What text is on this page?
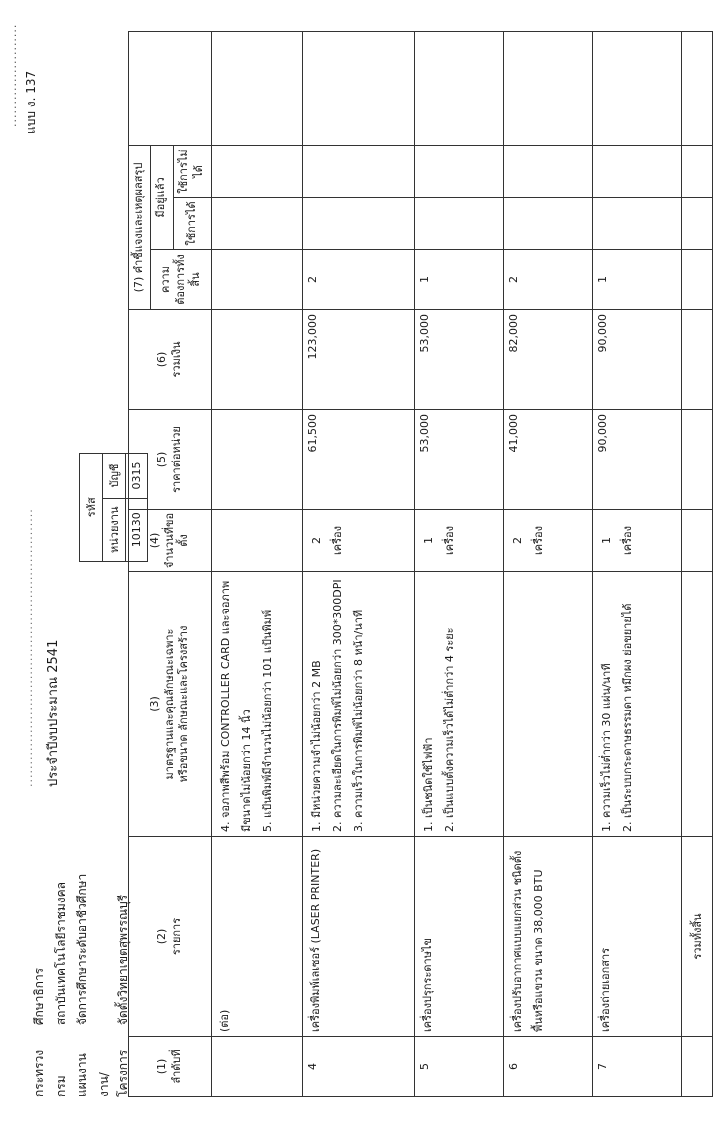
....................... แบบ ง. 137
.............................................................. ประจำปีงบประมาณ 2541
กระทรวง ศึกษาธิการ
กรม สถาบันเทคโนโลยีราชมงคล
แผนงาน จัดการศึกษาระดับอาชีวศึกษา
งาน/โครงการ จัดตั้งวิทยาเขตสุพรรณบุรี
รหัส	
หน่วยงาน	บัญชี
10130	0315
(1) ลำดับที่	(2) รายการ	(3) มาตรฐานและคุณลักษณะเฉพาะ หรือขนาด ลักษณะและโครงสร้าง	(4) จำนวนที่ขอตั้ง	(5) ราคาต่อหน่วย	(6) รวมเงิน	(7) คำชี้แจงและเหตุผลสรุป			
						ความต้องการทั้งสิ้น	มีอยู่แล้ว		
							ใช้การได้	ใช้การไม่ได้	
	(ต่อ)	4. จอภาพสีพร้อม CONTROLLER CARD และจอภาพมีขนาดไม่น้อยกว่า 14 นิ้ว 5. แป้นพิมพ์มีจำนวนไม่น้อยกว่า 101 แป้นพิมพ์							

4	เครื่องพิมพ์เลเซอร์ (LASER PRINTER)	1. มีหน่วยความจำไม่น้อยกว่า 2 MB 2. ความละเอียดในการพิมพ์ไม่น้อยกว่า 300*300DPI 3. ความเร็วในการพิมพ์ไม่น้อยกว่า 8 หน้า/นาที	2 เครื่อง	61,500	123,000	2			
5	เครื่องปรุกระดาษไข	1. เป็นชนิดใช้ไฟฟ้า 2. เป็นแบบตั้งความเร็วได้ไม่ต่ำกว่า 4 ระยะ	1 เครื่อง	53,000	53,000	1			
6	เครื่องปรับอากาศแบบแยกส่วน ชนิดตั้งพื้นหรือแขวน ขนาด 38,000 BTU		2 เครื่อง	41,000	82,000	2			
7	เครื่องถ่ายเอกสาร	1. ความเร็วไม่ต่ำกว่า 30 แผ่น/นาที 2. เป็นระบบกระดาษธรรมดา หมึกผง ย่อขยายได้	1 เครื่อง	90,000	90,000	1			
	รวมทั้งสิ้น								
